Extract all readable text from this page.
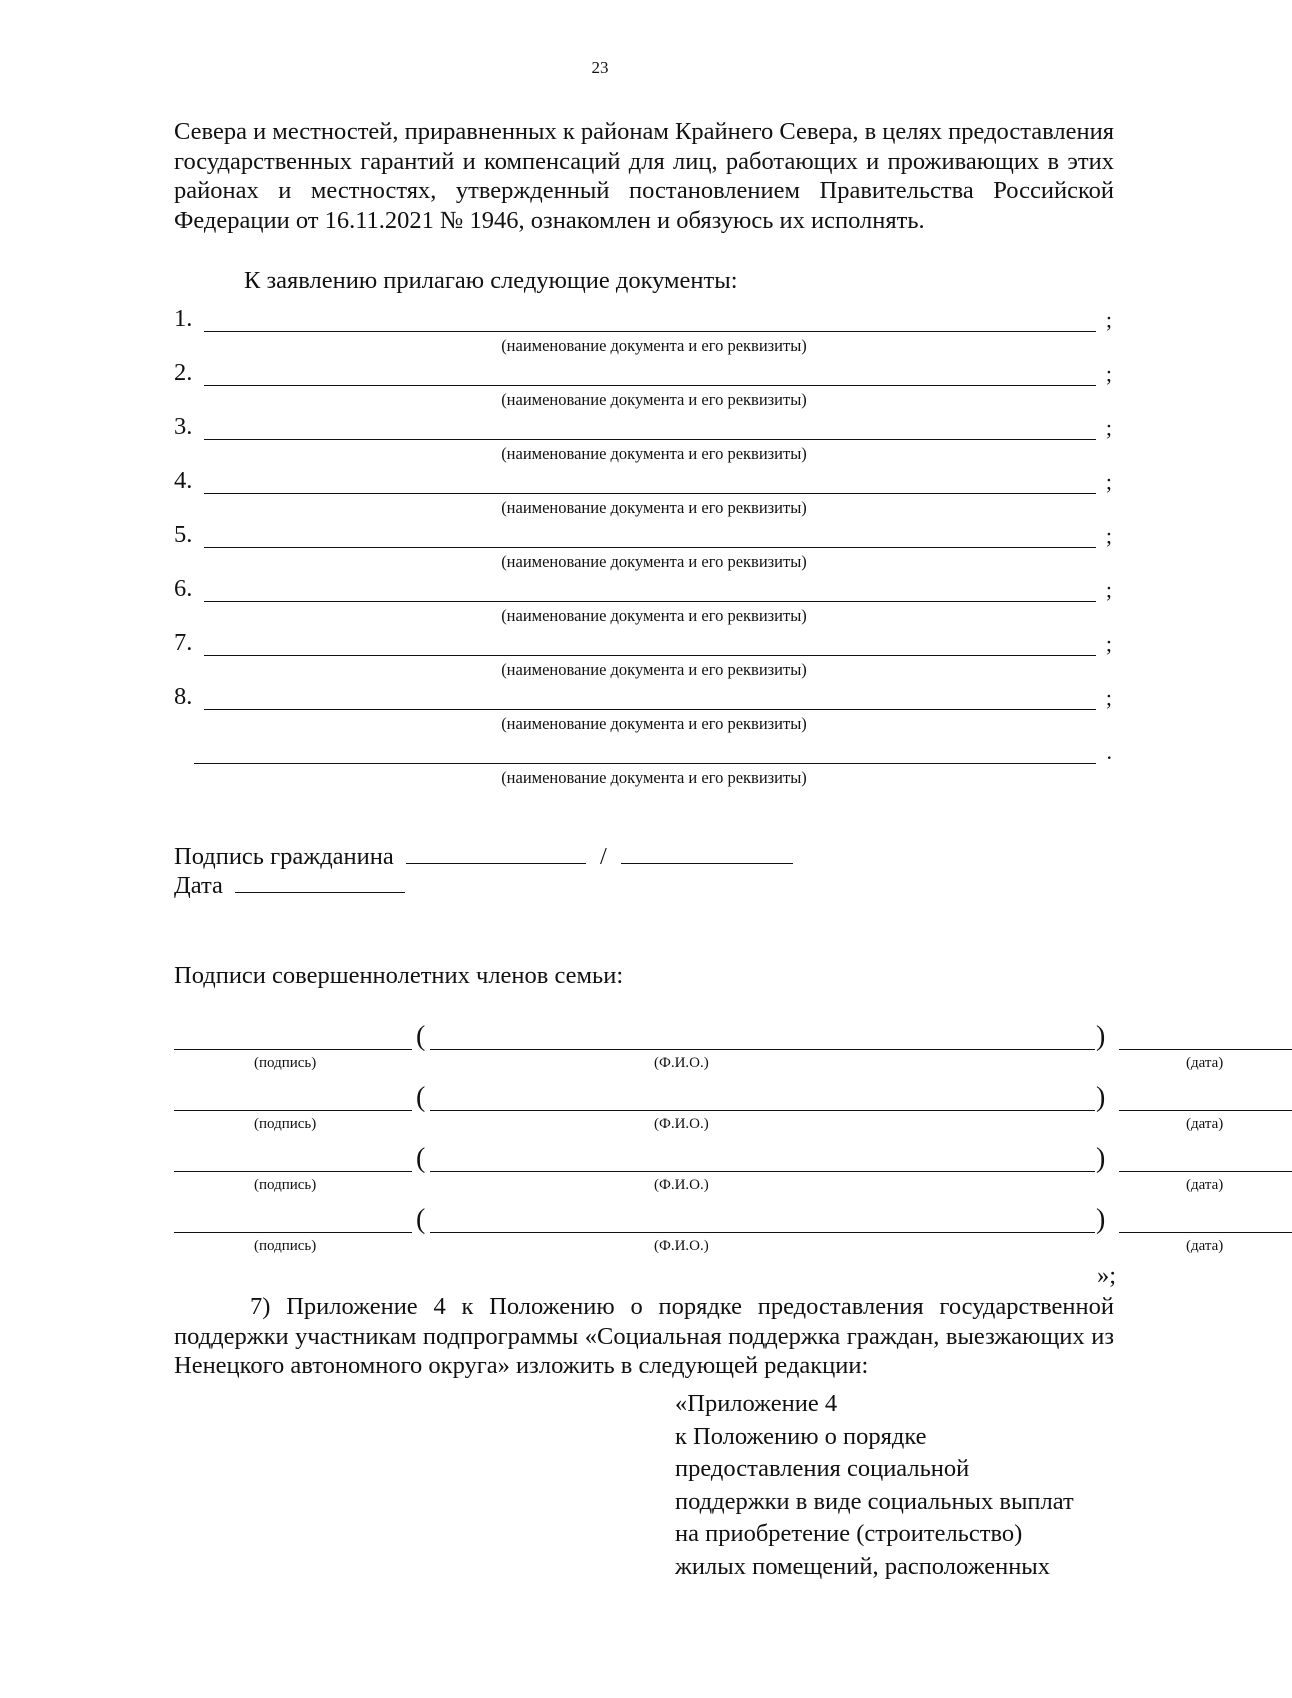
23
Севера и местностей, приравненных к районам Крайнего Севера, в целях предоставления государственных гарантий и компенсаций для лиц, работающих и проживающих в этих районах и местностях, утвержденный постановлением Правительства Российской Федерации от 16.11.2021 № 1946, ознакомлен и обязуюсь их исполнять.
К заявлению прилагаю следующие документы:
1.	;
(наименование документа и его реквизиты)
2.	;
(наименование документа и его реквизиты)
3.	;
(наименование документа и его реквизиты)
4.	;
(наименование документа и его реквизиты)
5.	;
(наименование документа и его реквизиты)
6.	;
(наименование документа и его реквизиты)
7.	;
(наименование документа и его реквизиты)
8.	;
(наименование документа и его реквизиты)
.
(наименование документа и его реквизиты)
Подпись гражданина	/
Дата
Подписи совершеннолетних членов семьи:
(	)
(подпись)	(Ф.И.О.)	(дата)
(	)
(подпись)	(Ф.И.О.)	(дата)
(	)
(подпись)	(Ф.И.О.)	(дата)
(	)
(подпись)	(Ф.И.О.)	(дата)
»;
7) Приложение 4 к Положению о порядке предоставления государственной поддержки участникам подпрограммы «Социальная поддержка граждан, выезжающих из Ненецкого автономного округа» изложить в следующей редакции:
«Приложение 4
к Положению о порядке
предоставления социальной
поддержки в виде социальных выплат
на приобретение (строительство)
жилых помещений, расположенных
